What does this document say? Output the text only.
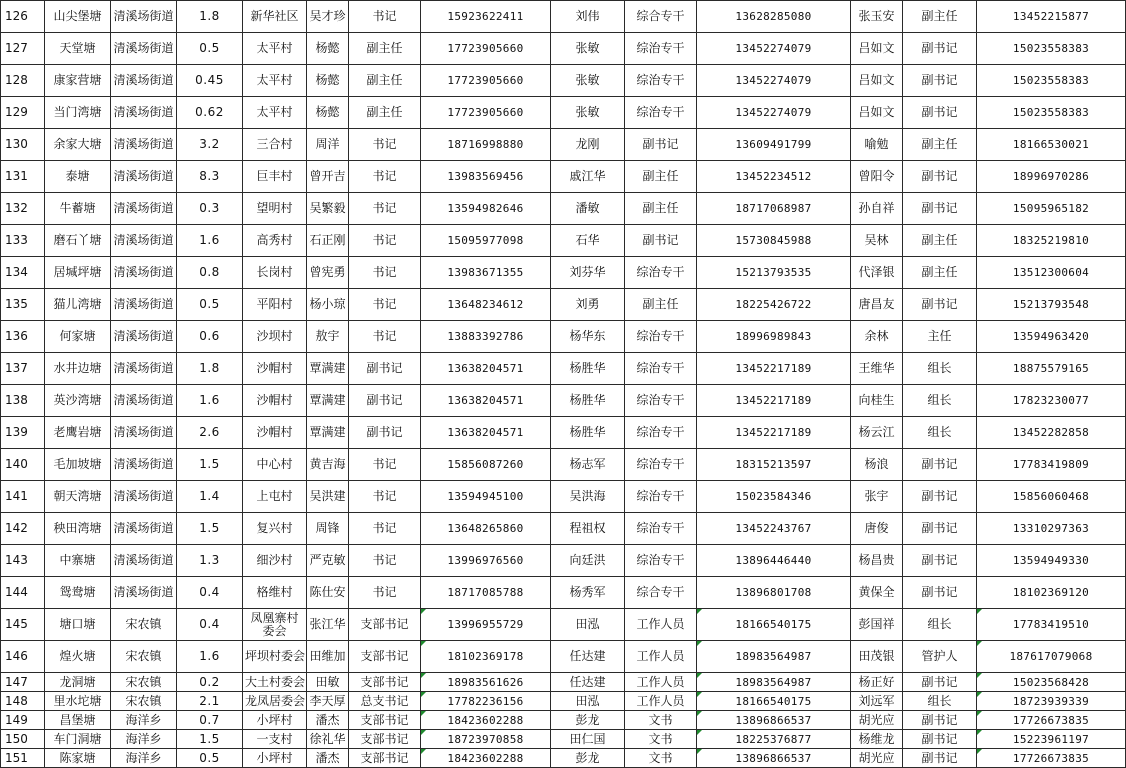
126	山尖堡塘	清溪场街道	1.8	新华社区	吴才珍	书记	15923622411	刘伟	综合专干	13628285080	张玉安	副主任	13452215877
127	天堂塘	清溪场街道	0.5	太平村	杨懿	副主任	17723905660	张敏	综治专干	13452274079	吕如文	副书记	15023558383
128	康家营塘	清溪场街道	0.45	太平村	杨懿	副主任	17723905660	张敏	综治专干	13452274079	吕如文	副书记	15023558383
129	当门湾塘	清溪场街道	0.62	太平村	杨懿	副主任	17723905660	张敏	综治专干	13452274079	吕如文	副书记	15023558383
130	余家大塘	清溪场街道	3.2	三合村	周洋	书记	18716998880	龙刚	副书记	13609491799	喻勉	副主任	18166530021
131	泰塘	清溪场街道	8.3	巨丰村	曾开吉	书记	13983569456	戚江华	副主任	13452234512	曾阳令	副书记	18996970286
132	牛蓄塘	清溪场街道	0.3	望明村	吴繁毅	书记	13594982646	潘敏	副主任	18717068987	孙自祥	副书记	15095965182
133	磨石丫塘	清溪场街道	1.6	高秀村	石正刚	书记	15095977098	石华	副书记	15730845988	吴林	副主任	18325219810
134	居堿坪塘	清溪场街道	0.8	长岗村	曾宪勇	书记	13983671355	刘芬华	综治专干	15213793535	代泽银	副主任	13512300604
135	猫儿湾塘	清溪场街道	0.5	平阳村	杨小琼	书记	13648234612	刘勇	副主任	18225426722	唐昌友	副书记	15213793548
136	何家塘	清溪场街道	0.6	沙坝村	敖宇	书记	13883392786	杨华东	综治专干	18996989843	余林	主任	13594963420
137	水井边塘	清溪场街道	1.8	沙帽村	覃满建	副书记	13638204571	杨胜华	综治专干	13452217189	王维华	组长	18875579165
138	英沙湾塘	清溪场街道	1.6	沙帽村	覃满建	副书记	13638204571	杨胜华	综治专干	13452217189	向桂生	组长	17823230077
139	老鹰岩塘	清溪场街道	2.6	沙帽村	覃满建	副书记	13638204571	杨胜华	综治专干	13452217189	杨云江	组长	13452282858
140	毛加坡塘	清溪场街道	1.5	中心村	黄吉海	书记	15856087260	杨志军	综治专干	18315213597	杨浪	副书记	17783419809
141	朝天湾塘	清溪场街道	1.4	上屯村	吴洪建	书记	13594945100	吴洪海	综治专干	15023584346	张宇	副书记	15856060468
142	秧田湾塘	清溪场街道	1.5	复兴村	周锋	书记	13648265860	程祖权	综治专干	13452243767	唐俊	副书记	13310297363
143	中寨塘	清溪场街道	1.3	细沙村	严克敏	书记	13996976560	向廷洪	综治专干	13896446440	杨昌贵	副书记	13594949330
144	鸳鸯塘	清溪场街道	0.4	格维村	陈仕安	书记	18717085788	杨秀军	综合专干	13896801708	黄保全	副书记	18102369120
145	塘口塘	宋农镇	0.4	凤凰寨村委会	张江华	支部书记	13996955729	田泓	工作人员	18166540175	彭国祥	组长	17783419510
146	煌火塘	宋农镇	1.6	坪坝村委会	田维加	支部书记	18102369178	任达建	工作人员	18983564987	田茂银	管护人	187617079068
147	龙洞塘	宋农镇	0.2	大土村委会	田敏	支部书记	18983561626	任达建	工作人员	18983564987	杨正好	副书记	15023568428
148	里水坨塘	宋农镇	2.1	龙凤居委会	李天厚	总支书记	17782236156	田泓	工作人员	18166540175	刘远军	组长	18723939339
149	昌堡塘	海洋乡	0.7	小坪村	潘杰	支部书记	18423602288	彭龙	文书	13896866537	胡光应	副书记	17726673835
150	车门洞塘	海洋乡	1.5	一支村	徐礼华	支部书记	18723970858	田仁国	文书	18225376877	杨维龙	副书记	15223961197
151	陈家塘	海洋乡	0.5	小坪村	潘杰	支部书记	18423602288	彭龙	文书	13896866537	胡光应	副书记	17726673835
